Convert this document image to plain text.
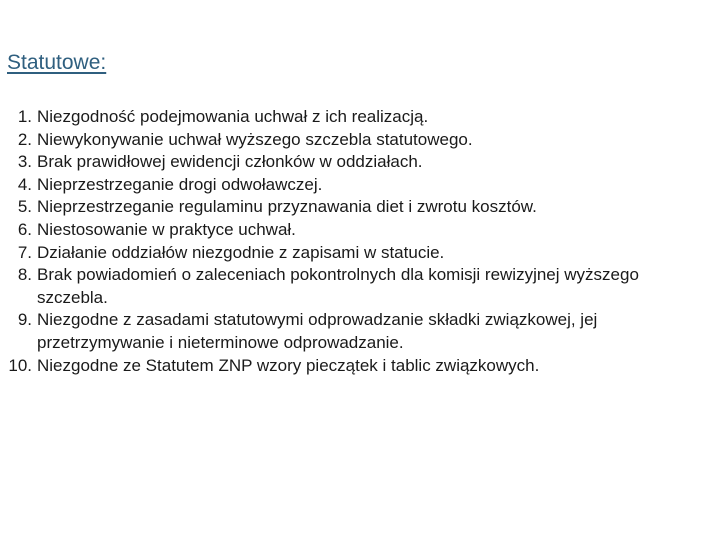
Statutowe:
1. Niezgodność podejmowania uchwał z ich realizacją.
2. Niewykonywanie uchwał wyższego szczebla statutowego.
3. Brak prawidłowej ewidencji członków w oddziałach.
4. Nieprzestrzeganie drogi odwoławczej.
5. Nieprzestrzeganie regulaminu przyznawania diet i zwrotu kosztów.
6. Niestosowanie w praktyce uchwał.
7. Działanie oddziałów niezgodnie z zapisami w statucie.
8. Brak powiadomień o zaleceniach pokontrolnych dla komisji rewizyjnej wyższego szczebla.
9. Niezgodne z zasadami statutowymi odprowadzanie składki związkowej, jej przetrzymywanie i nieterminowe odprowadzanie.
10. Niezgodne ze Statutem ZNP wzory pieczątek i tablic związkowych.
